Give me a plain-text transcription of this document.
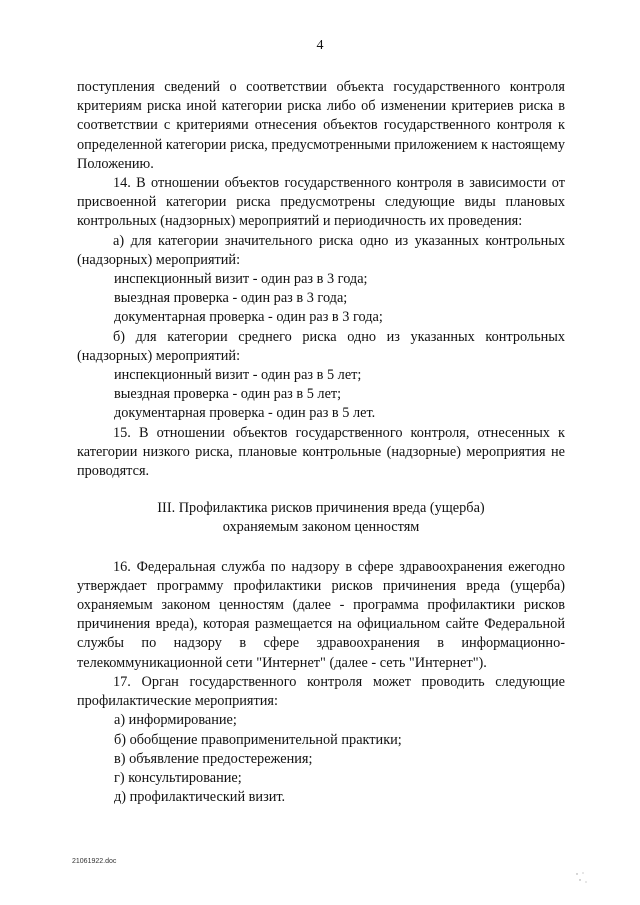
4

поступления сведений о соответствии объекта государственного контроля критериям риска иной категории риска либо об изменении критериев риска в соответствии с критериями отнесения объектов государственного контроля к определенной категории риска, предусмотренными приложением к настоящему Положению.

14. В отношении объектов государственного контроля в зависимости от присвоенной категории риска предусмотрены следующие виды плановых контрольных (надзорных) мероприятий и периодичность их проведения:

а) для категории значительного риска одно из указанных контрольных (надзорных) мероприятий:

инспекционный визит - один раз в 3 года;

выездная проверка - один раз в 3 года;

документарная проверка - один раз в 3 года;

б) для категории среднего риска одно из указанных контрольных (надзорных) мероприятий:

инспекционный визит - один раз в 5 лет;

выездная проверка - один раз в 5 лет;

документарная проверка - один раз в 5 лет.

15. В отношении объектов государственного контроля, отнесенных к категории низкого риска, плановые контрольные (надзорные) мероприятия не проводятся.

III. Профилактика рисков причинения вреда (ущерба)
охраняемым законом ценностям

16. Федеральная служба по надзору в сфере здравоохранения ежегодно утверждает программу профилактики рисков причинения вреда (ущерба) охраняемым законом ценностям (далее - программа профилактики рисков причинения вреда), которая размещается на официальном сайте Федеральной службы по надзору в сфере здравоохранения в информационно-телекоммуникационной сети "Интернет" (далее - сеть "Интернет").

17. Орган государственного контроля может проводить следующие профилактические мероприятия:

а) информирование;

б) обобщение правоприменительной практики;

в) объявление предостережения;

г) консультирование;

д) профилактический визит.

21061922.doc
